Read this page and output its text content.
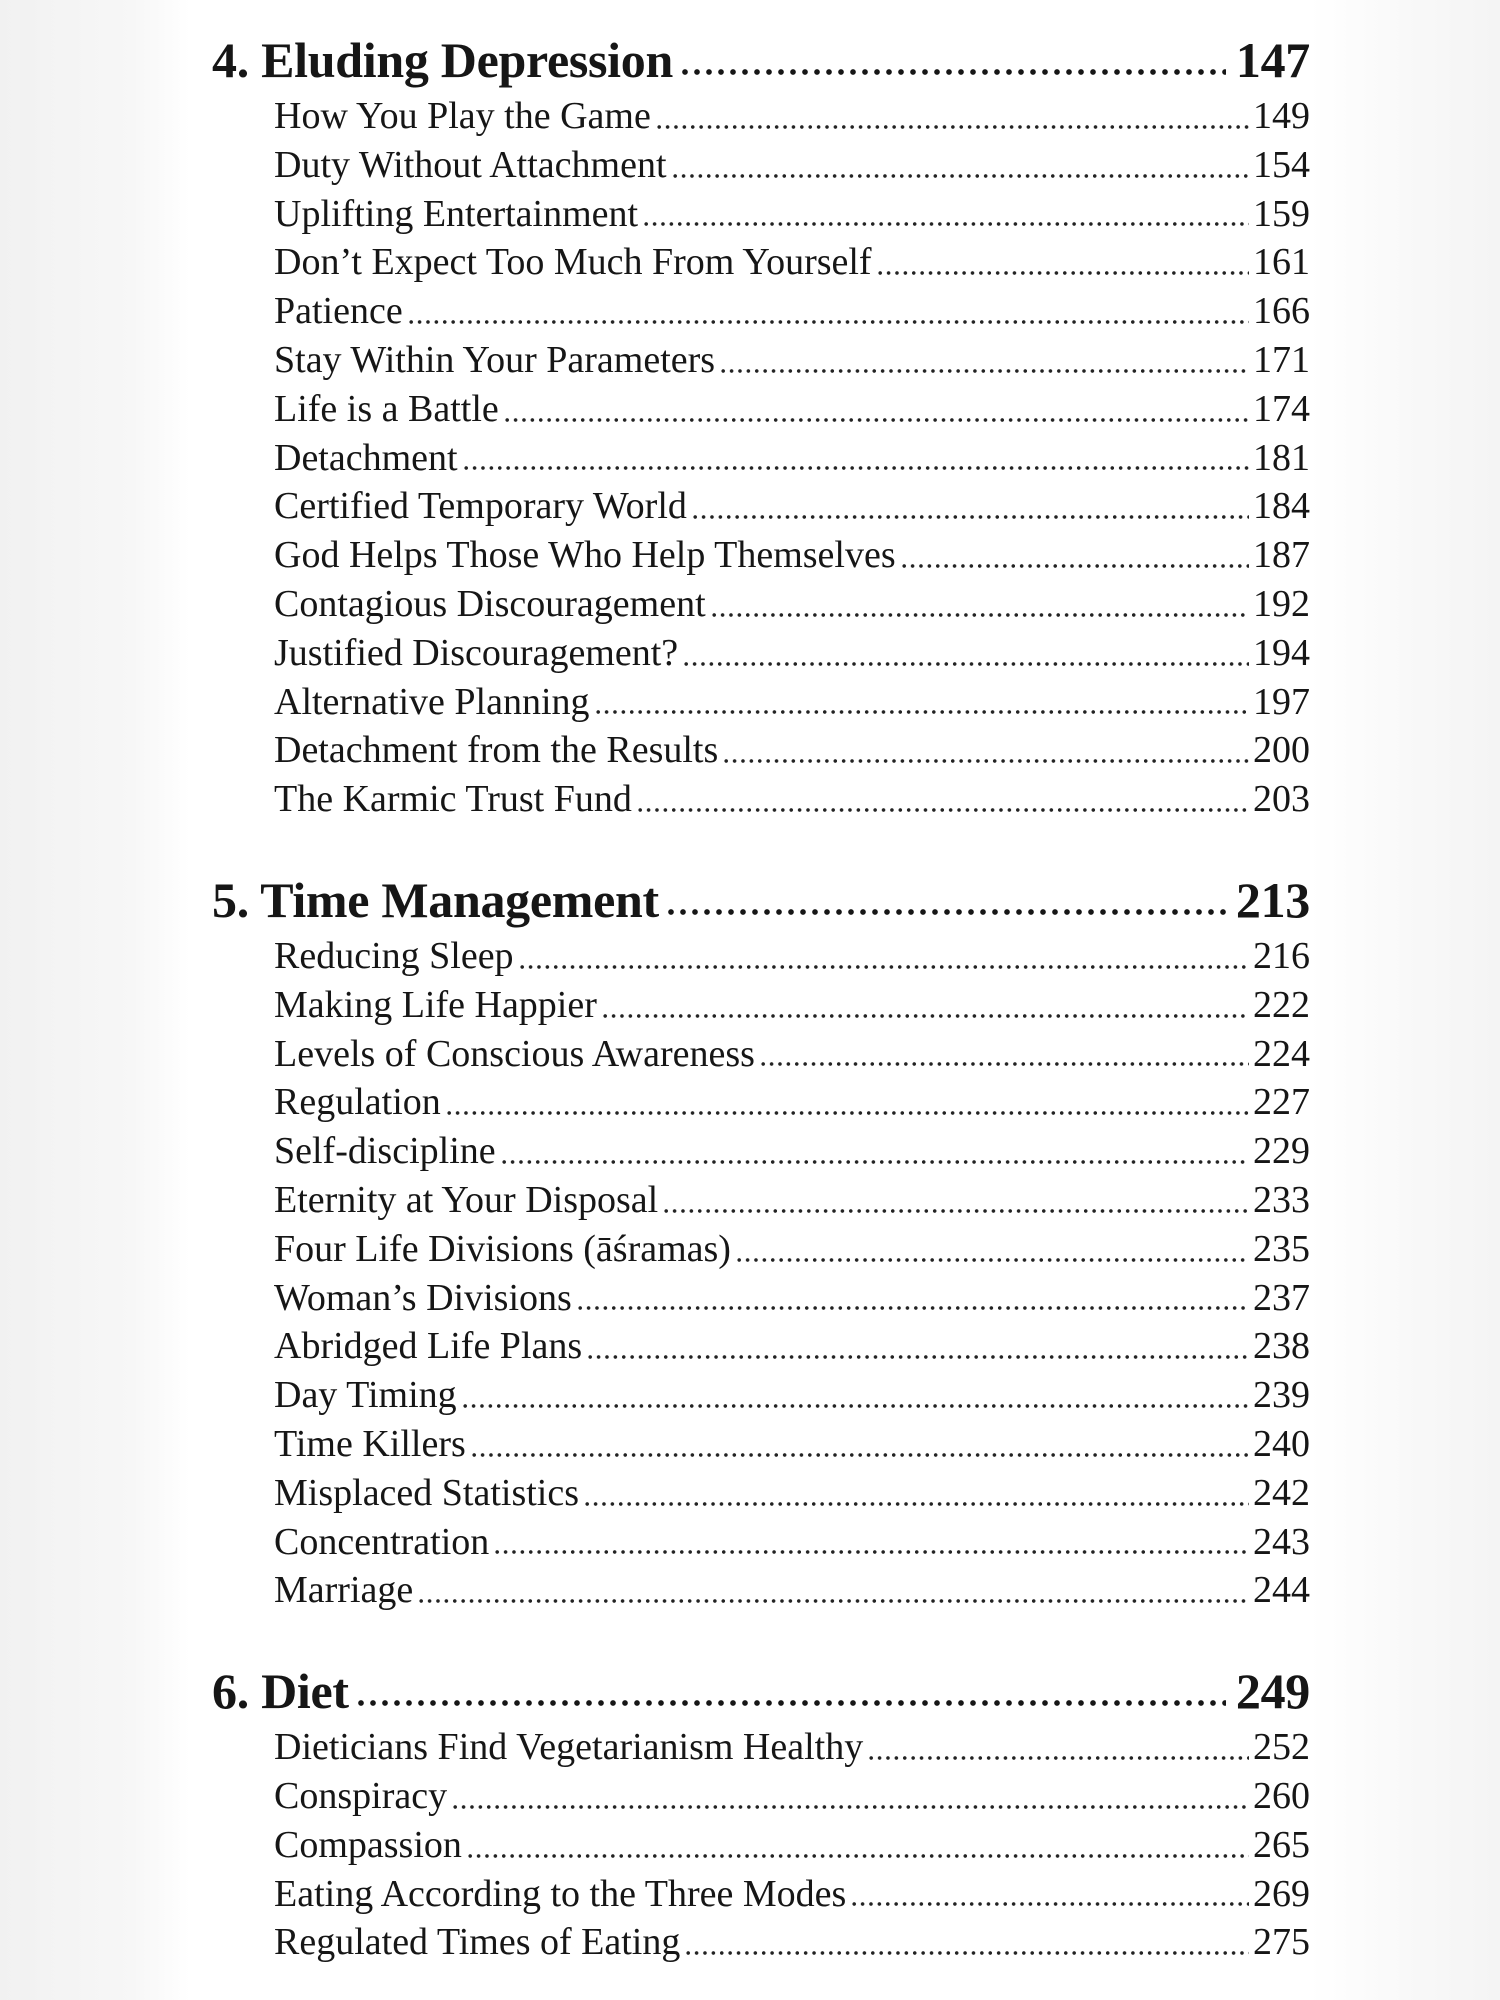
4. Eluding Depression	147
How You Play the Game	149
Duty Without Attachment	154
Uplifting Entertainment	159
Don’t Expect Too Much From Yourself	161
Patience	166
Stay Within Your Parameters	171
Life is a Battle	174
Detachment	181
Certified Temporary World	184
God Helps Those Who Help Themselves	187
Contagious Discouragement	192
Justified Discouragement?	194
Alternative Planning	197
Detachment from the Results	200
The Karmic Trust Fund	203
5. Time Management	213
Reducing Sleep	216
Making Life Happier	222
Levels of Conscious Awareness	224
Regulation	227
Self-discipline	229
Eternity at Your Disposal	233
Four Life Divisions (āśramas)	235
Woman’s Divisions	237
Abridged Life Plans	238
Day Timing	239
Time Killers	240
Misplaced Statistics	242
Concentration	243
Marriage	244
6. Diet	249
Dieticians Find Vegetarianism Healthy	252
Conspiracy	260
Compassion	265
Eating According to the Three Modes	269
Regulated Times of Eating	275
